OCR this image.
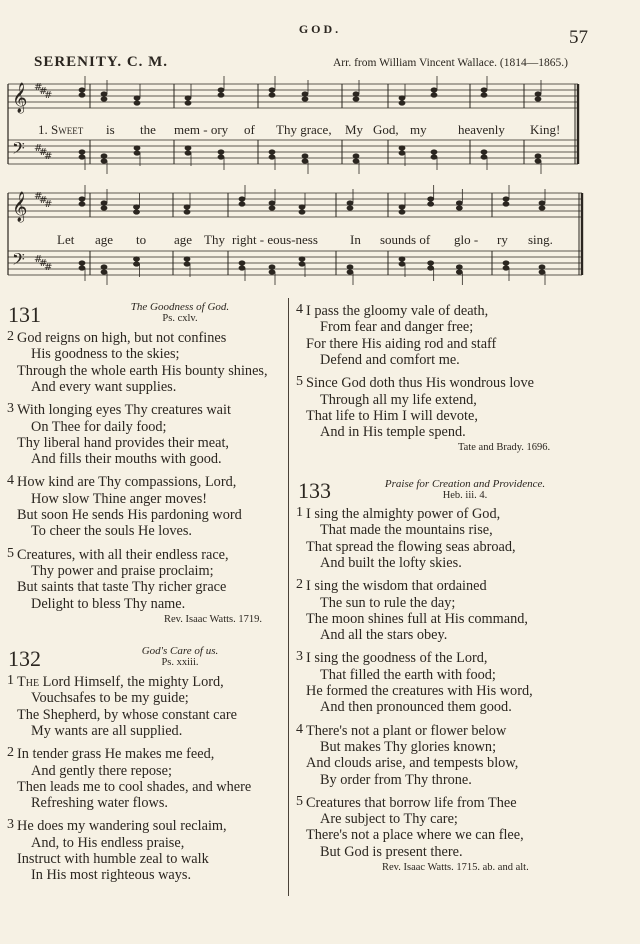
GOD.	57
SERENITY. C. M.	Arr. from William Vincent Wallace. (1814—1865.)
𝄞
𝄢
#
#
#
#
#
#
𝄞
𝄢
#
#
#
#
#
#
1. Sweet is the mem - ory of Thy grace, My God, my heavenly King!
Let age to age Thy right - eous-ness In sounds of glo - ry sing.
131	The Goodness of God.
Ps. cxlv.
2 God reigns on high, but not confines
His goodness to the skies;
Through the whole earth His bounty shines,
And every want supplies.
3 With longing eyes Thy creatures wait
On Thee for daily food;
Thy liberal hand provides their meat,
And fills their mouths with good.
4 How kind are Thy compassions, Lord,
How slow Thine anger moves!
But soon He sends His pardoning word
To cheer the souls He loves.
5 Creatures, with all their endless race,
Thy power and praise proclaim;
But saints that taste Thy richer grace
Delight to bless Thy name.
Rev. Isaac Watts. 1719.
132	God's Care of us.
Ps. xxiii.
1 The Lord Himself, the mighty Lord,
Vouchsafes to be my guide;
The Shepherd, by whose constant care
My wants are all supplied.
2 In tender grass He makes me feed,
And gently there repose;
Then leads me to cool shades, and where
Refreshing water flows.
3 He does my wandering soul reclaim,
And, to His endless praise,
Instruct with humble zeal to walk
In His most righteous ways.
4 I pass the gloomy vale of death,
From fear and danger free;
For there His aiding rod and staff
Defend and comfort me.
5 Since God doth thus His wondrous love
Through all my life extend,
That life to Him I will devote,
And in His temple spend.
Tate and Brady. 1696.
133	Praise for Creation and Providence.
Heb. iii. 4.
1 I sing the almighty power of God,
That made the mountains rise,
That spread the flowing seas abroad,
And built the lofty skies.
2 I sing the wisdom that ordained
The sun to rule the day;
The moon shines full at His command,
And all the stars obey.
3 I sing the goodness of the Lord,
That filled the earth with food;
He formed the creatures with His word,
And then pronounced them good.
4 There's not a plant or flower below
But makes Thy glories known;
And clouds arise, and tempests blow,
By order from Thy throne.
5 Creatures that borrow life from Thee
Are subject to Thy care;
There's not a place where we can flee,
But God is present there.
Rev. Isaac Watts. 1715. ab. and alt.
